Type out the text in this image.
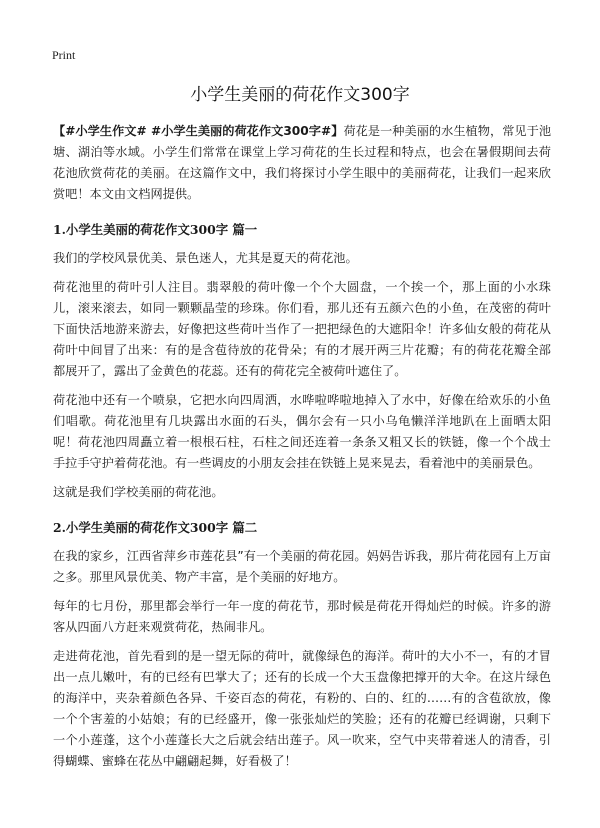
Print
小学生美丽的荷花作文300字

【#小学生作文# #小学生美丽的荷花作文300字#】荷花是一种美丽的水生植物，常见于池塘、湖泊等水域。小学生们常常在课堂上学习荷花的生长过程和特点，也会在暑假期间去荷花池欣赏荷花的美丽。在这篇作文中，我们将探讨小学生眼中的美丽荷花，让我们一起来欣赏吧！本文由文档网提供。

1.小学生美丽的荷花作文300字 篇一

我们的学校风景优美、景色迷人，尤其是夏天的荷花池。

荷花池里的荷叶引人注目。翡翠般的荷叶像一个个大圆盘，一个挨一个，那上面的小水珠儿，滚来滚去，如同一颗颗晶莹的珍珠。你们看，那儿还有五颜六色的小鱼，在茂密的荷叶下面快活地游来游去，好像把这些荷叶当作了一把把绿色的大遮阳伞！许多仙女般的荷花从荷叶中间冒了出来：有的是含苞待放的花骨朵；有的才展开两三片花瓣；有的荷花花瓣全部都展开了，露出了金黄色的花蕊。还有的荷花完全被荷叶遮住了。

荷花池中还有一个喷泉，它把水向四周洒，水哗啦哗啦地掉入了水中，好像在给欢乐的小鱼们唱歌。荷花池里有几块露出水面的石头，偶尔会有一只小乌龟懒洋洋地趴在上面晒太阳呢！荷花池四周矗立着一根根石柱，石柱之间还连着一条条又粗又长的铁链，像一个个战士手拉手守护着荷花池。有一些调皮的小朋友会挂在铁链上晃来晃去，看着池中的美丽景色。

这就是我们学校美丽的荷花池。

2.小学生美丽的荷花作文300字 篇二

在我的家乡，江西省萍乡市莲花县”有一个美丽的荷花园。妈妈告诉我，那片荷花园有上万亩之多。那里风景优美、物产丰富，是个美丽的好地方。

每年的七月份，那里都会举行一年一度的荷花节，那时候是荷花开得灿烂的时候。许多的游客从四面八方赶来观赏荷花，热闹非凡。

走进荷花池，首先看到的是一望无际的荷叶，就像绿色的海洋。荷叶的大小不一，有的才冒出一点儿嫩叶，有的已经有巴掌大了；还有的长成一个大玉盘像把撑开的大伞。在这片绿色的海洋中，夹杂着颜色各异、千姿百态的荷花，有粉的、白的、红的……有的含苞欲放，像一个个害羞的小姑娘；有的已经盛开，像一张张灿烂的笑脸；还有的花瓣已经调谢，只剩下一个小莲蓬，这个小莲蓬长大之后就会结出莲子。风一吹来，空气中夹带着迷人的清香，引得蝴蝶、蜜蜂在花丛中翩翩起舞，好看极了！
